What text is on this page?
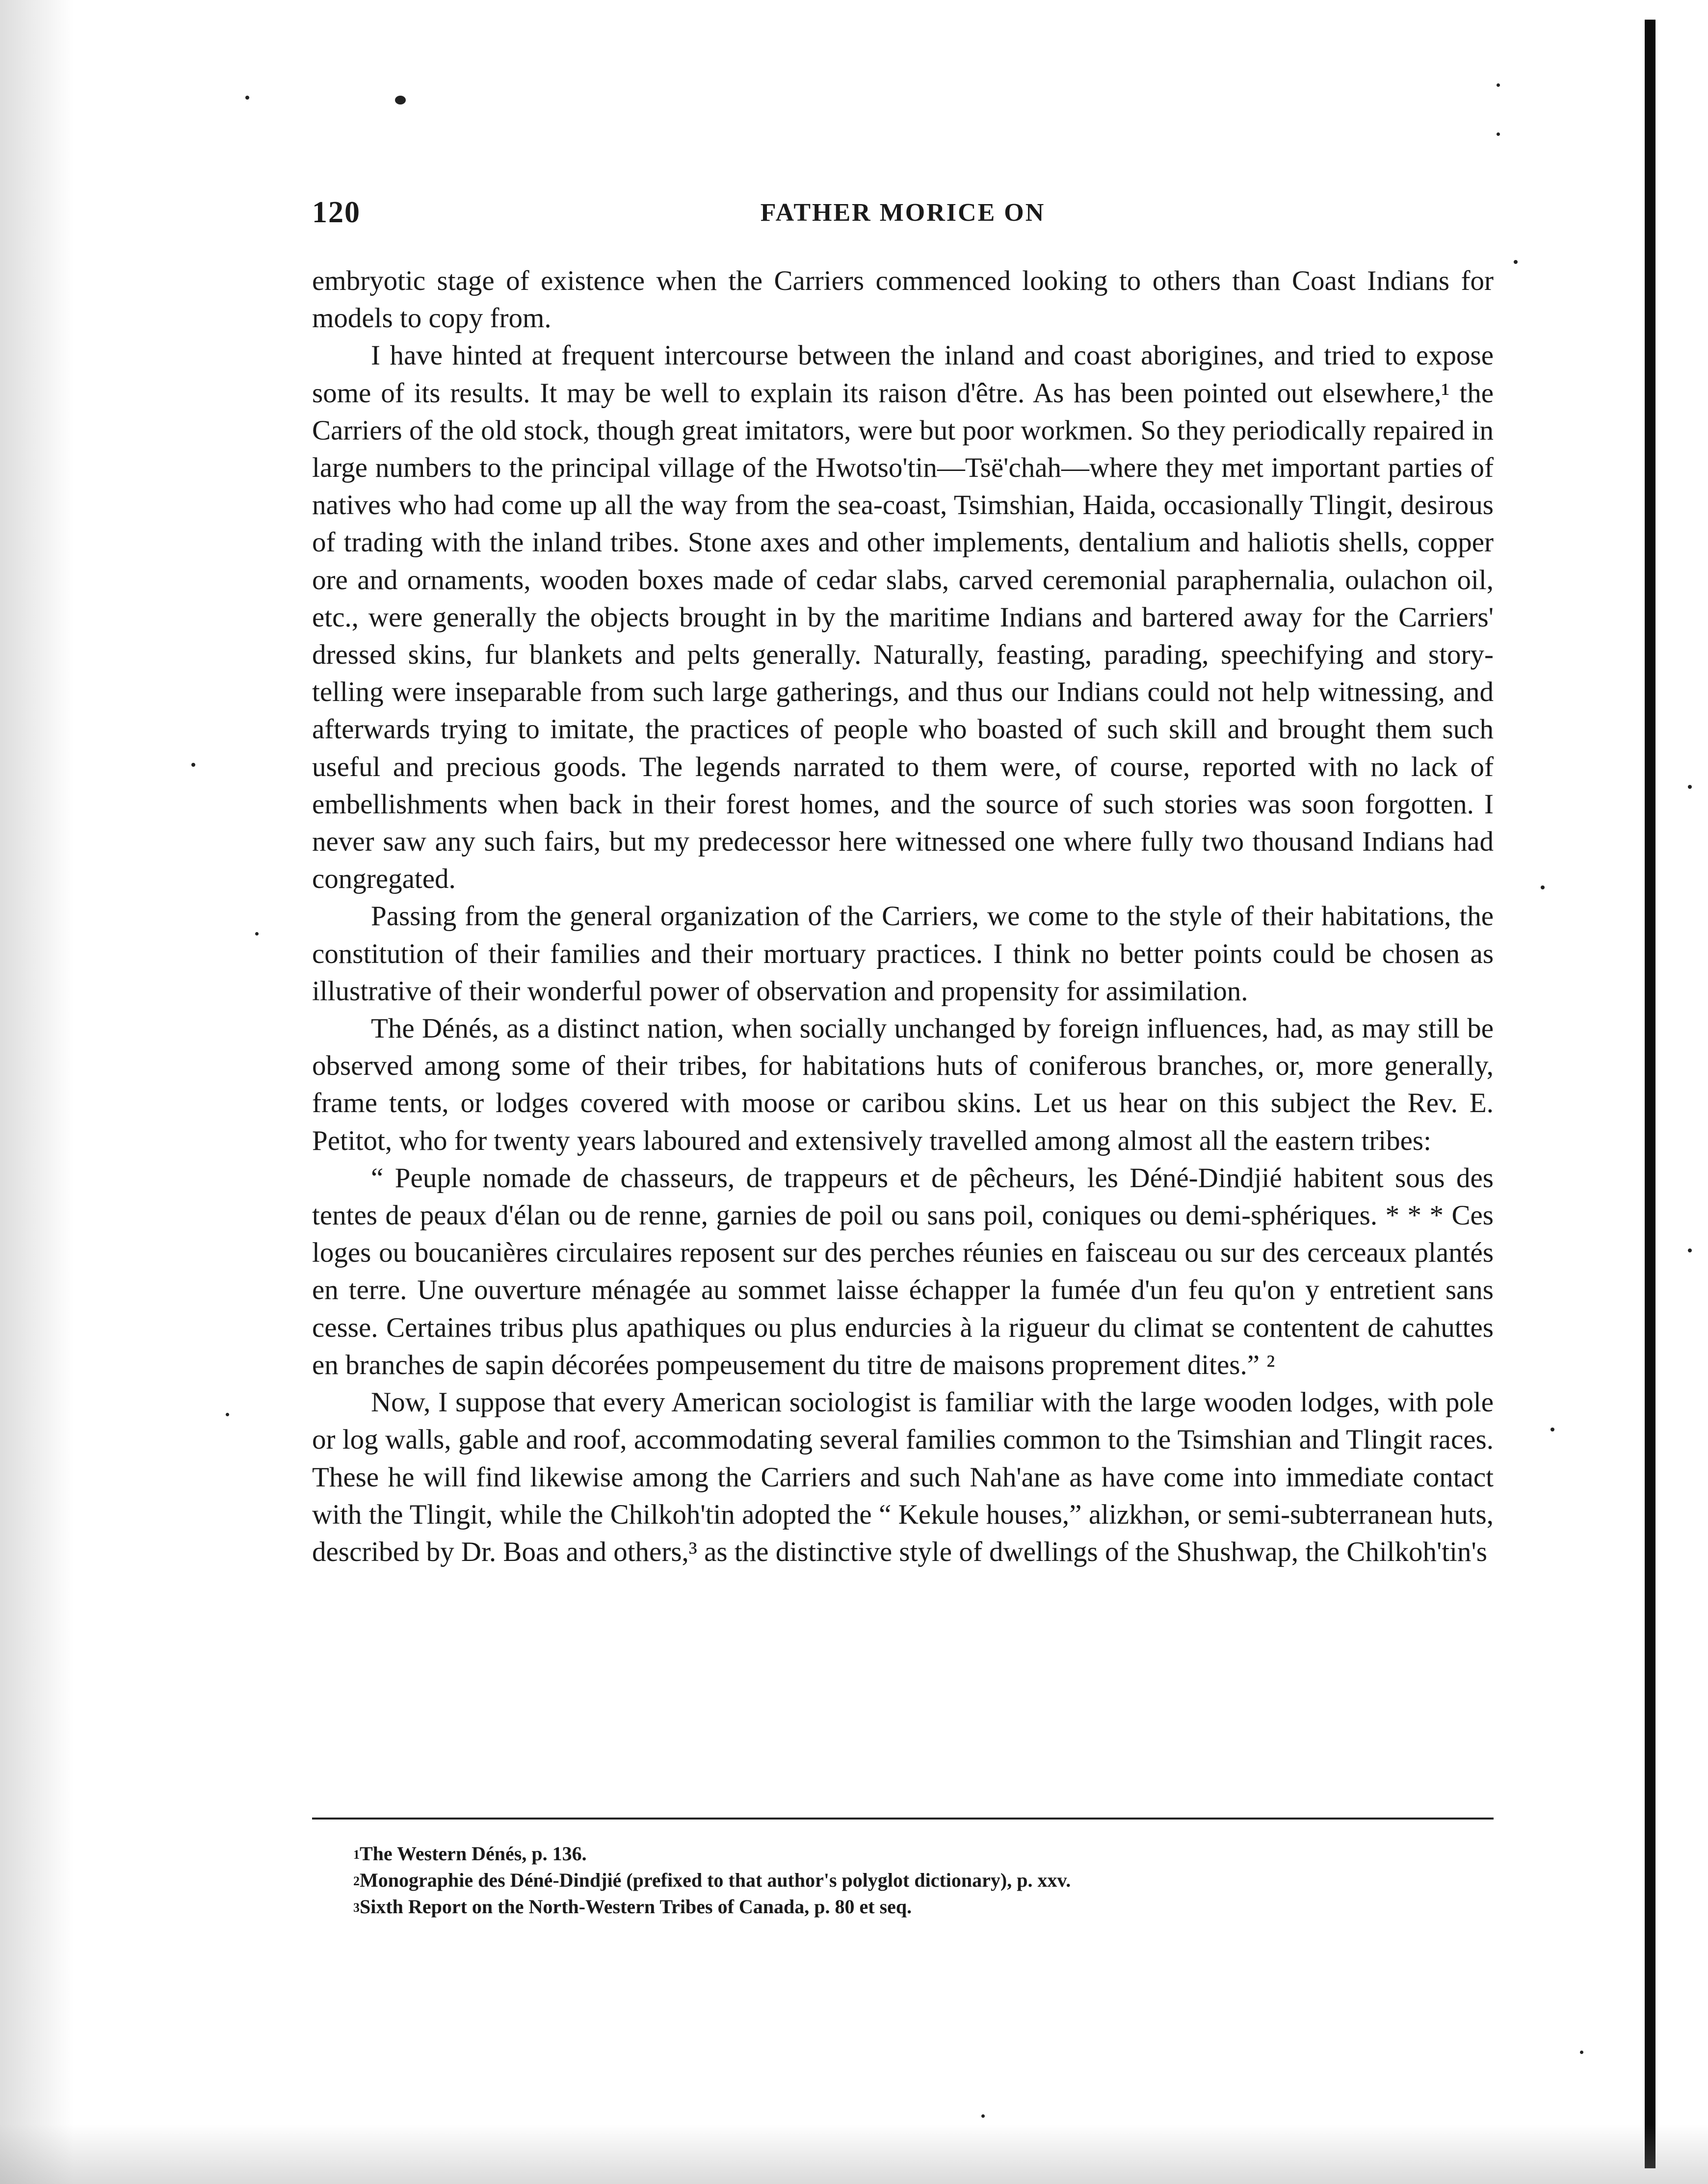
120	FATHER MORICE ON

embryotic stage of existence when the Carriers commenced looking to others than Coast Indians for models to copy from.

I have hinted at frequent intercourse between the inland and coast aborigines, and tried to expose some of its results. It may be well to explain its raison d'être. As has been pointed out elsewhere,¹ the Carriers of the old stock, though great imitators, were but poor workmen. So they periodically repaired in large numbers to the principal village of the Hwotso'tin—Tsë'chah—where they met important parties of natives who had come up all the way from the sea-coast, Tsimshian, Haida, occasionally Tlingit, desirous of trading with the inland tribes. Stone axes and other implements, dentalium and haliotis shells, copper ore and ornaments, wooden boxes made of cedar slabs, carved ceremonial paraphernalia, oulachon oil, etc., were generally the objects brought in by the maritime Indians and bartered away for the Carriers' dressed skins, fur blankets and pelts generally. Naturally, feasting, parading, speechifying and story-telling were inseparable from such large gatherings, and thus our Indians could not help witnessing, and afterwards trying to imitate, the practices of people who boasted of such skill and brought them such useful and precious goods. The legends narrated to them were, of course, reported with no lack of embellishments when back in their forest homes, and the source of such stories was soon forgotten. I never saw any such fairs, but my predecessor here witnessed one where fully two thousand Indians had congregated.

Passing from the general organization of the Carriers, we come to the style of their habitations, the constitution of their families and their mortuary practices. I think no better points could be chosen as illustrative of their wonderful power of observation and propensity for assimilation.

The Dénés, as a distinct nation, when socially unchanged by foreign influences, had, as may still be observed among some of their tribes, for habitations huts of coniferous branches, or, more generally, frame tents, or lodges covered with moose or caribou skins. Let us hear on this subject the Rev. E. Petitot, who for twenty years laboured and extensively travelled among almost all the eastern tribes:

“ Peuple nomade de chasseurs, de trappeurs et de pêcheurs, les Déné-Dindjié habitent sous des tentes de peaux d'élan ou de renne, garnies de poil ou sans poil, coniques ou demi-sphériques. * * * Ces loges ou boucanières circulaires reposent sur des perches réunies en faisceau ou sur des cerceaux plantés en terre. Une ouverture ménagée au sommet laisse échapper la fumée d'un feu qu'on y entretient sans cesse. Certaines tribus plus apathiques ou plus endurcies à la rigueur du climat se contentent de cahuttes en branches de sapin décorées pompeusement du titre de maisons proprement dites.” ²

Now, I suppose that every American sociologist is familiar with the large wooden lodges, with pole or log walls, gable and roof, accommodating several families common to the Tsimshian and Tlingit races. These he will find likewise among the Carriers and such Nah'ane as have come into immediate contact with the Tlingit, while the Chilkoh'tin adopted the “ Kekule houses,” alizkhən, or semi-subterranean huts, described by Dr. Boas and others,³ as the distinctive style of dwellings of the Shushwap, the Chilkoh'tin's

$^1$The Western Dénés, p. 136.
$^2$Monographie des Déné-Dindjié (prefixed to that author's polyglot dictionary), p. xxv.
$^3$Sixth Report on the North-Western Tribes of Canada, p. 80 et seq.
